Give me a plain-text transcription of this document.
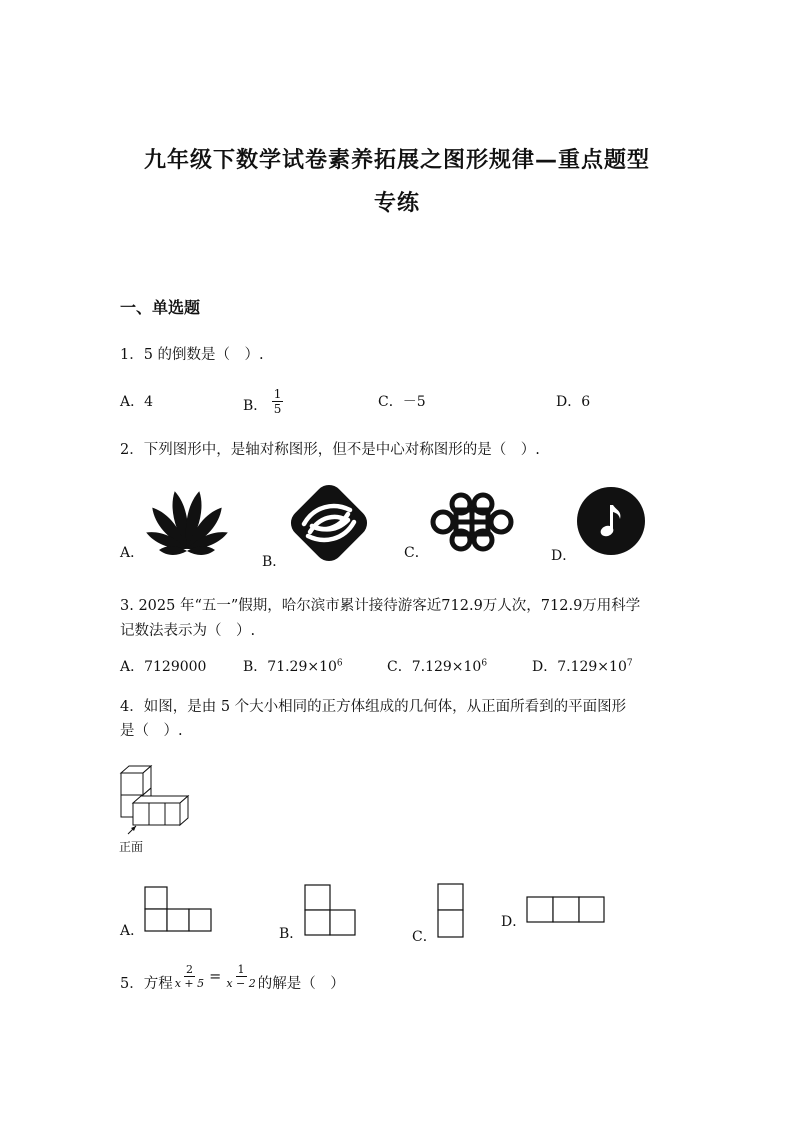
九年级下数学试卷素养拓展之图形规律—重点题型
专练
一、单选题
1．5 的倒数是（　）.
A．4	B． $\frac{1}{5}$	C．－5	D．6
2．下列图形中，是轴对称图形，但不是中心对称图形的是（　）.
A．
B．
C．	D．
3. 2025 年“五一”假期，哈尔滨市累计接待游客近712.9万人次，712.9万用科学
记数法表示为（　）.
A．7129000	B．$71.29\times 10^6$	C．$7.129\times 10^6$	D．$7.129\times 10^7$
4．如图，是由 5 个大小相同的正方体组成的几何体，从正面所看到的平面图形
是（　）.
正面
A．	B．	C．
D．
5．方程 $\frac{2}{x + 5} = \frac{1}{x - 2}$ 的解是（　）
